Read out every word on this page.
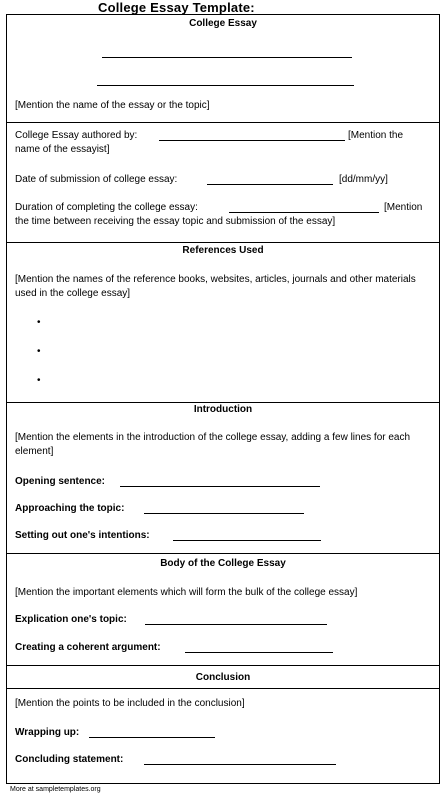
College Essay Template:
College Essay
[Mention the name of the essay or the topic]
College Essay authored by:	[Mention the
name of the essayist]
Date of submission of college essay:	[dd/mm/yy]
Duration of completing the college essay:	[Mention
the time between receiving the essay topic and submission of the essay]
References Used
[Mention the names of the reference books, websites, articles, journals and other materials used in the college essay]
•
•
•
Introduction
[Mention the elements in the introduction of the college essay, adding a few lines for each element]
Opening sentence:
Approaching the topic:
Setting out one's intentions:
Body of the College Essay
[Mention the important elements which will form the bulk of the college essay]
Explication one's topic:
Creating a coherent argument:
Conclusion
[Mention the points to be included in the conclusion]
Wrapping up:
Concluding statement:
More at sampletemplates.org
